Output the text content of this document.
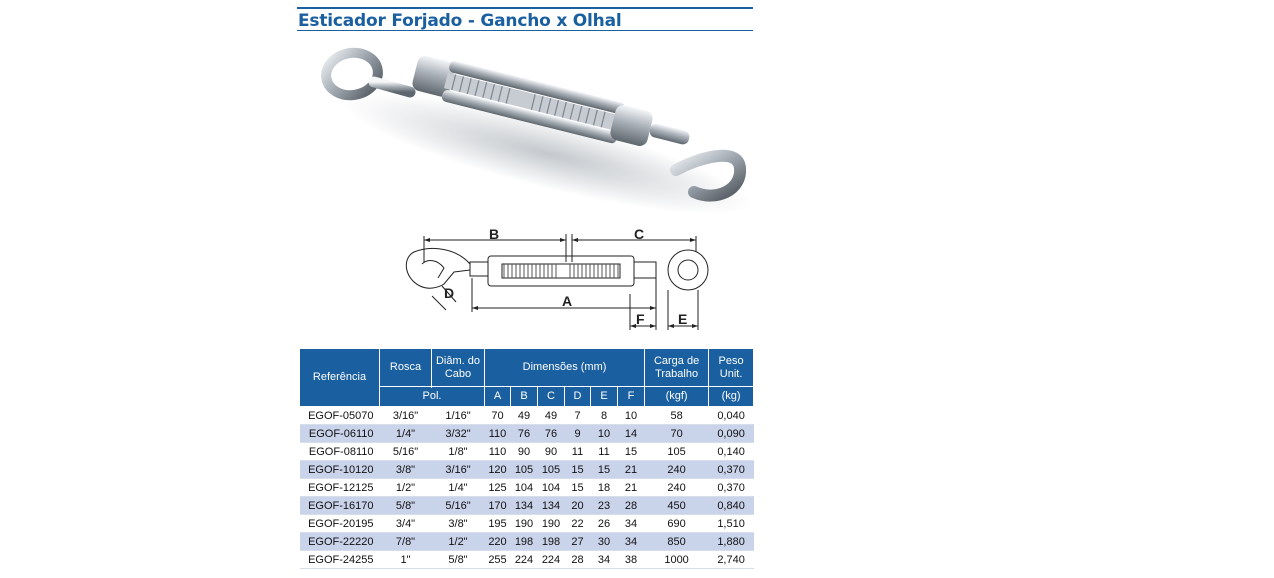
Esticador Forjado - Gancho x Olhal
B	C
A
D
F E
Referência	Rosca	Diâm. do Cabo	Dimensões (mm)						Carga de Trabalho	Peso Unit.

	Pol.		A	B	C	D	E	F	(kgf)	(kg)
EGOF-05070	3/16"	1/16"	70	49	49	7	8	10	58	0,040
EGOF-06110	1/4"	3/32"	110	76	76	9	10	14	70	0,090
EGOF-08110	5/16"	1/8"	110	90	90	11	11	15	105	0,140
EGOF-10120	3/8"	3/16"	120	105	105	15	15	21	240	0,370
EGOF-12125	1/2"	1/4"	125	104	104	15	18	21	240	0,370
EGOF-16170	5/8"	5/16"	170	134	134	20	23	28	450	0,840
EGOF-20195	3/4"	3/8"	195	190	190	22	26	34	690	1,510
EGOF-22220	7/8"	1/2"	220	198	198	27	30	34	850	1,880
EGOF-24255	1"	5/8"	255	224	224	28	34	38	1000	2,740
